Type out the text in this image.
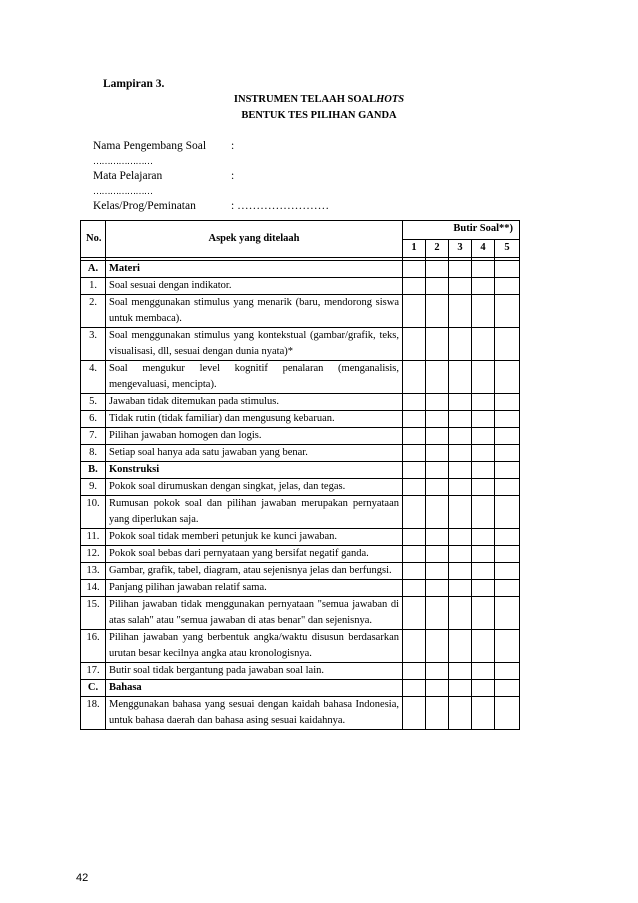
Lampiran 3.
INSTRUMEN TELAAH SOALHOTS
BENTUK TES PILIHAN GANDA
Nama Pengembang Soal :
…………………
Mata Pelajaran	:
…………………
Kelas/Prog/Peminatan	: ……………………
No.	Aspek yang ditelaah	Butir Soal**)				
		1	2	3	4	5

A.	Materi					
1.	Soal sesuai dengan indikator.					
2.	Soal menggunakan stimulus yang menarik (baru, mendorong siswa untuk membaca).					
3.	Soal menggunakan stimulus yang kontekstual (gambar/grafik, teks, visualisasi, dll, sesuai dengan dunia nyata)*					
4.	Soal mengukur level kognitif penalaran (menganalisis, mengevaluasi, mencipta).					
5.	Jawaban tidak ditemukan pada stimulus.					
6.	Tidak rutin (tidak familiar) dan mengusung kebaruan.					
7.	Pilihan jawaban homogen dan logis.					
8.	Setiap soal hanya ada satu jawaban yang benar.					
B.	Konstruksi					
9.	Pokok soal dirumuskan dengan singkat, jelas, dan tegas.					
10.	Rumusan pokok soal dan pilihan jawaban merupakan pernyataan yang diperlukan saja.					
11.	Pokok soal tidak memberi petunjuk ke kunci jawaban.					
12.	Pokok soal bebas dari pernyataan yang bersifat negatif ganda.					
13.	Gambar, grafik, tabel, diagram, atau sejenisnya jelas dan berfungsi.					
14.	Panjang pilihan jawaban relatif sama.					
15.	Pilihan jawaban tidak menggunakan pernyataan "semua jawaban di atas salah" atau "semua jawaban di atas benar" dan sejenisnya.					
16.	Pilihan jawaban yang berbentuk angka/waktu disusun berdasarkan urutan besar kecilnya angka atau kronologisnya.					
17.	Butir soal tidak bergantung pada jawaban soal lain.					
C.	Bahasa					
18.	Menggunakan bahasa yang sesuai dengan kaidah bahasa Indonesia, untuk bahasa daerah dan bahasa asing sesuai kaidahnya.					
42
